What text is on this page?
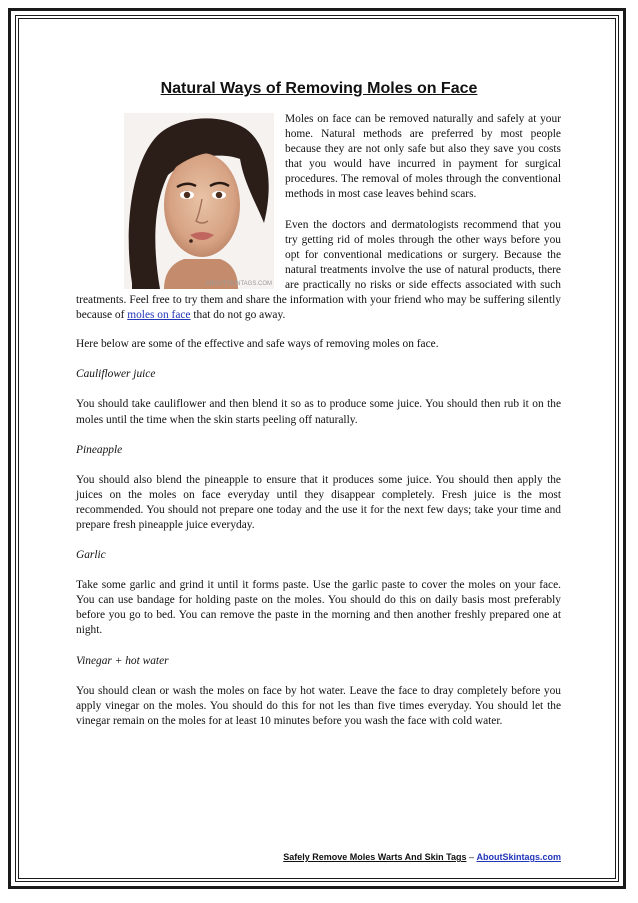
Natural Ways of Removing Moles on Face
ABOUTSKINTAGS.COM

Moles on face can be removed naturally and safely at your home. Natural methods are preferred by most people because they are not only safe but also they save you costs that you would have incurred in payment for surgical procedures. The removal of moles through the conventional methods in most case leaves behind scars.

Even the doctors and dermatologists recommend that you try getting rid of moles through the other ways before you opt for conventional medications or surgery. Because the natural treatments involve the use of natural products, there are practically no risks or side effects associated with such treatments. Feel free to try them and share the information with your friend who may be suffering silently because of moles on face that do not go away.

Here below are some of the effective and safe ways of removing moles on face.

Cauliflower juice

You should take cauliflower and then blend it so as to produce some juice. You should then rub it on the moles until the time when the skin starts peeling off naturally.

Pineapple

You should also blend the pineapple to ensure that it produces some juice. You should then apply the juices on the moles on face everyday until they disappear completely. Fresh juice is the most recommended. You should not prepare one today and the use it for the next few days; take your time and prepare fresh pineapple juice everyday.

Garlic

Take some garlic and grind it until it forms paste. Use the garlic paste to cover the moles on your face. You can use bandage for holding paste on the moles. You should do this on daily basis most preferably before you go to bed. You can remove the paste in the morning and then another freshly prepared one at night.

Vinegar + hot water

You should clean or wash the moles on face by hot water. Leave the face to dray completely before you apply vinegar on the moles. You should do this for not les than five times everyday. You should let the vinegar remain on the moles for at least 10 minutes before you wash the face with cold water.

Safely Remove Moles Warts And Skin Tags – AboutSkintags.com
